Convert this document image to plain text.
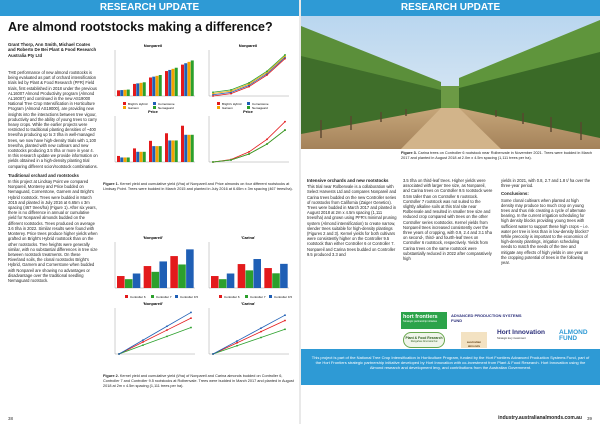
RESEARCH UPDATE	RESEARCH UPDATE
Are almond rootstocks making a difference?
Grant Thorp, Ann Smith, Michael Coates and Roberto De Bei Plant & Food Research Australia Pty Ltd

THE performance of new almond rootstocks is being evaluated as part of orchard intensification trials led by Plant & Food Research (PFR) Field trials, first established in 2018 under the previous AL16007 Almond Productivity program (Almond AL16007) and continued in the new AS19000 National Tree Crop Intensification in Horticulture Program (Almond AS19000), are providing new insights into the interactions between tree vigour, productivity and the ability of young trees to carry heavy crops. While the earlier projects were restricted to traditional planting densities of ~400 trees/ha producing up to 3 t/ha in well-managed trees, we now have high-density trials with 1,100 trees/ha, planted with new cultivars and new rootstocks producing 3.5 t/ha or more in year 4. In this research update we provide information on yields obtained in a high-density planting trial comparing different scion/rootstock combinations.

Traditional orchard and rootstocks

In this project at Lindsay Point we compared Nonpareil, Monterey and Price budded on Nemaguard, Cornerstone, Garnem and Bright's Hybrid rootstock. Trees were budded in March 2015 and planted in July 2016 at 6.65m x 3m spacing (467 trees/ha) (Figure 1). After six years, there is no difference in annual or cumulative yield for Nonpareil almonds budded on the different rootstocks. Trees produced on average 3.6 t/ha in 2022. Similar results were found with Monterey. Price trees produce higher yields when grafted on Bright's Hybrid rootstock than on the other rootstocks. Tree heights were generally similar, with no substantial differences in tree size between rootstock treatments. On these Riverland soils, the clonal rootstocks Bright's Hybrid, Garnem and Cornerstone when budded with Nonpareil are showing no advantages or disadvantage over the traditional seedling Nemaguard rootstock.

Nonpareil	Nonpareil
Price	Price
Bright's Hybrid	Cornerstone
Garnem	Nemaguard
Bright's Hybrid	Cornerstone
Garnem	Nemaguard
Figure 1. Kernel yield and cumulative yield (t/ha) of Nonpareil and Price almonds on four different rootstocks at Lindsay Point. Trees were budded in March 2015 and planted in July 2016 at 6.65m x 3m spacing (467 trees/ha).
'Nonpareil'	'Carina'
'Nonpareil'	'Carina'
Controller 6	Controller 7	Controller 9.5	Controller 6	Controller 7	Controller 9.5
Figure 2. Kernel yield and cumulative yield (t/ha) of Nonpareil and Carina almonds budded on Controller 6, Controller 7 and Controller 9.5 rootstocks at Rolbenvale. Trees were budded in March 2017 and planted in August 2018 at 2m x 4.5m spacing (1,111 trees per ha).
38
Figure 3. Carina trees on Controller 6 rootstock near Rolbenvale in November 2021. Trees were budded in March 2017 and planted in August 2018 at 2.0m x 4.5m spacing (1,111 trees per ha).
Intensive orchards and new rootstocks

This trial near Rolbenvale is a collaboration with Select Harvests Ltd and compares Nonpareil and Carina trees budded on the new Controller series of rootstocks from California (Zaiger Genetics). Trees were budded in March 2017 and planted in August 2018 at 2m x 4.5m spacing (1,111 trees/ha) and grown using PFR's minimal pruning system (Almond intensification) to create narrow, slender trees suitable for high-density plantings (Figures 2 and 3). Kernel yields for both cultivars were consistently higher on the Controller 9.5 rootstock than either Controller 6 or Controller 7. Nonpareil and Carina trees budded on Controller 9.5 produced 3.3 and

3.5 t/ha on third-leaf trees. Higher yields were associated with larger tree size, as Nonpareil, and Carina trees on Controller 9.5 rootstock were 0.5m taller than on Controller 6 rootstock. Controller 7 rootstock was not suited to the slightly alkaline soils at this trial site near Rolbenvale and resulted in smaller tree size and reduced crop compared with trees on the other Controller series rootstocks. Kernel yields from Nonpareil trees increased consistently over the three years of cropping, with 0.9, 2.4 and 3.1 t/ha on second-, third- and fourth-leaf trees on Controller 6 rootstock, respectively. Yields from Carina trees on the same rootstock were substantially reduced in 2022 after comparatively high

yields in 2021, with 0.8, 2.7 and 1.8 t/ ha over the three-year period.

Conclusions:

Some clonal cultivars when planted at high density may produce too much crop on young trees and thus risk creating a cycle of alternate bearing. In the current irrigation scheduling for high density blocks providing young trees with sufficient water to support these high crops – i.e. water per tree is less than in low-density blocks? While precocity is important to the economics of high-density plantings, irrigation scheduling needs to match the needs of the tree and mitigate any effects of high yields in one year on the cropping potential of trees in the following year.

hort frontiers
Strategic partnership initiative
ADVANCED PRODUCTION SYSTEMS FUND
Plant & Food Research
Rangahau Ahumāra Kai	australian almonds
Hort Innovation
Strategic levy investment
ALMOND FUND
This project is part of the National Tree Crop Intensification in Horticulture Program, funded by the Hort Frontiers Advanced Production Systems Fund, part of the Hort Frontiers strategic partnership initiative developed by Hort Innovation with co-investment from Plant & Food Research. Hort Innovation using the Almond research and development levy, and contributions from the Australian Government.
industry.australianalmonds.com.au 39
